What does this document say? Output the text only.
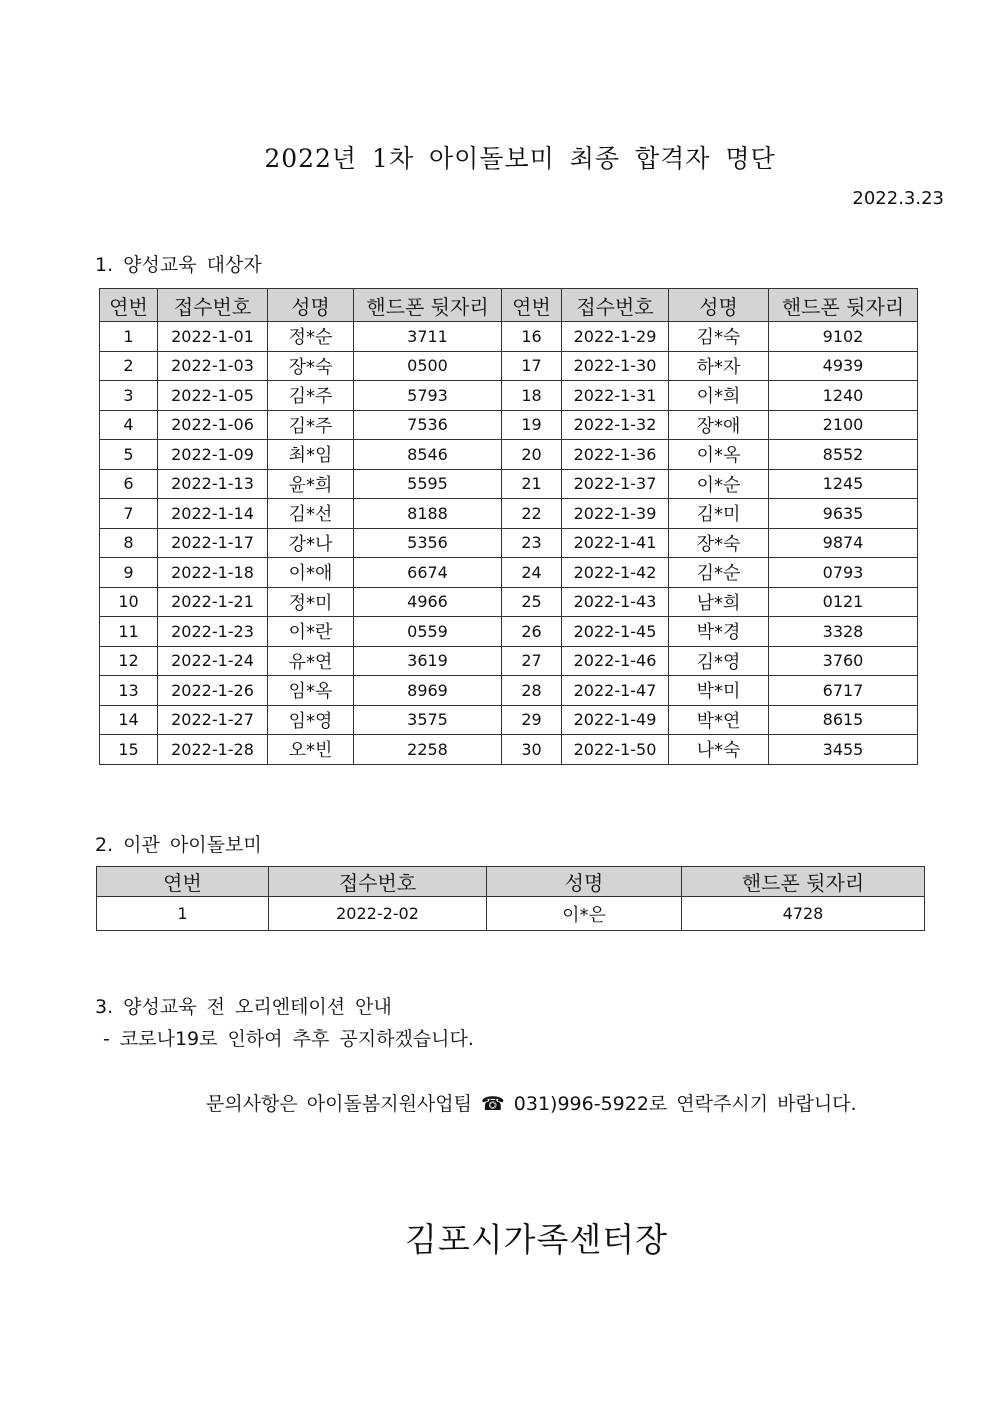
2022년 1차 아이돌보미 최종 합격자 명단
2022.3.23
1. 양성교육 대상자
연번	접수번호	성명	핸드폰 뒷자리	연번	접수번호	성명	핸드폰 뒷자리
1	2022-1-01	정*순	3711	16	2022-1-29	김*숙	9102
2	2022-1-03	장*숙	0500	17	2022-1-30	하*자	4939
3	2022-1-05	김*주	5793	18	2022-1-31	이*희	1240
4	2022-1-06	김*주	7536	19	2022-1-32	장*애	2100
5	2022-1-09	최*임	8546	20	2022-1-36	이*옥	8552
6	2022-1-13	윤*희	5595	21	2022-1-37	이*순	1245
7	2022-1-14	김*선	8188	22	2022-1-39	김*미	9635
8	2022-1-17	강*나	5356	23	2022-1-41	장*숙	9874
9	2022-1-18	이*애	6674	24	2022-1-42	김*순	0793
10	2022-1-21	정*미	4966	25	2022-1-43	남*희	0121
11	2022-1-23	이*란	0559	26	2022-1-45	박*경	3328
12	2022-1-24	유*연	3619	27	2022-1-46	김*영	3760
13	2022-1-26	임*옥	8969	28	2022-1-47	박*미	6717
14	2022-1-27	임*영	3575	29	2022-1-49	박*연	8615
15	2022-1-28	오*빈	2258	30	2022-1-50	나*숙	3455
2. 이관 아이돌보미
연번	접수번호	성명	핸드폰 뒷자리
1	2022-2-02	이*은	4728
3. 양성교육 전 오리엔테이션 안내
- 코로나19로 인하여 추후 공지하겠습니다.
문의사항은 아이돌봄지원사업팀 ☎ 031)996-5922로 연락주시기 바랍니다.
김포시가족센터장
